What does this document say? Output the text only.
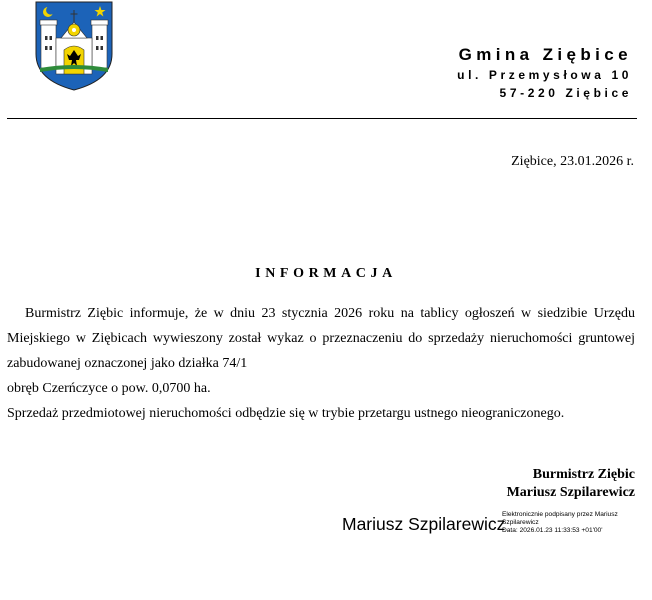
Gmina Ziębice
ul. Przemysłowa 10
57-220 Ziębice
Ziębice, 23.01.2026 r.
INFORMACJA

Burmistrz Ziębic informuje, że w dniu 23 stycznia 2026 roku na tablicy ogłoszeń w siedzibie Urzędu Miejskiego w Ziębicach wywieszony został wykaz o przeznaczeniu do sprzedaży nieruchomości gruntowej zabudowanej oznaczonej jako działka 74/1

obręb Czerńczyce o pow. 0,0700 ha.

Sprzedaż przedmiotowej nieruchomości odbędzie się w trybie przetargu ustnego nieograniczonego.

Burmistrz Ziębic
Mariusz Szpilarewicz
Mariusz Szpilarewicz
Elektronicznie podpisany przez Mariusz
Szpilarewicz
Data: 2026.01.23 11:33:53 +01'00'
